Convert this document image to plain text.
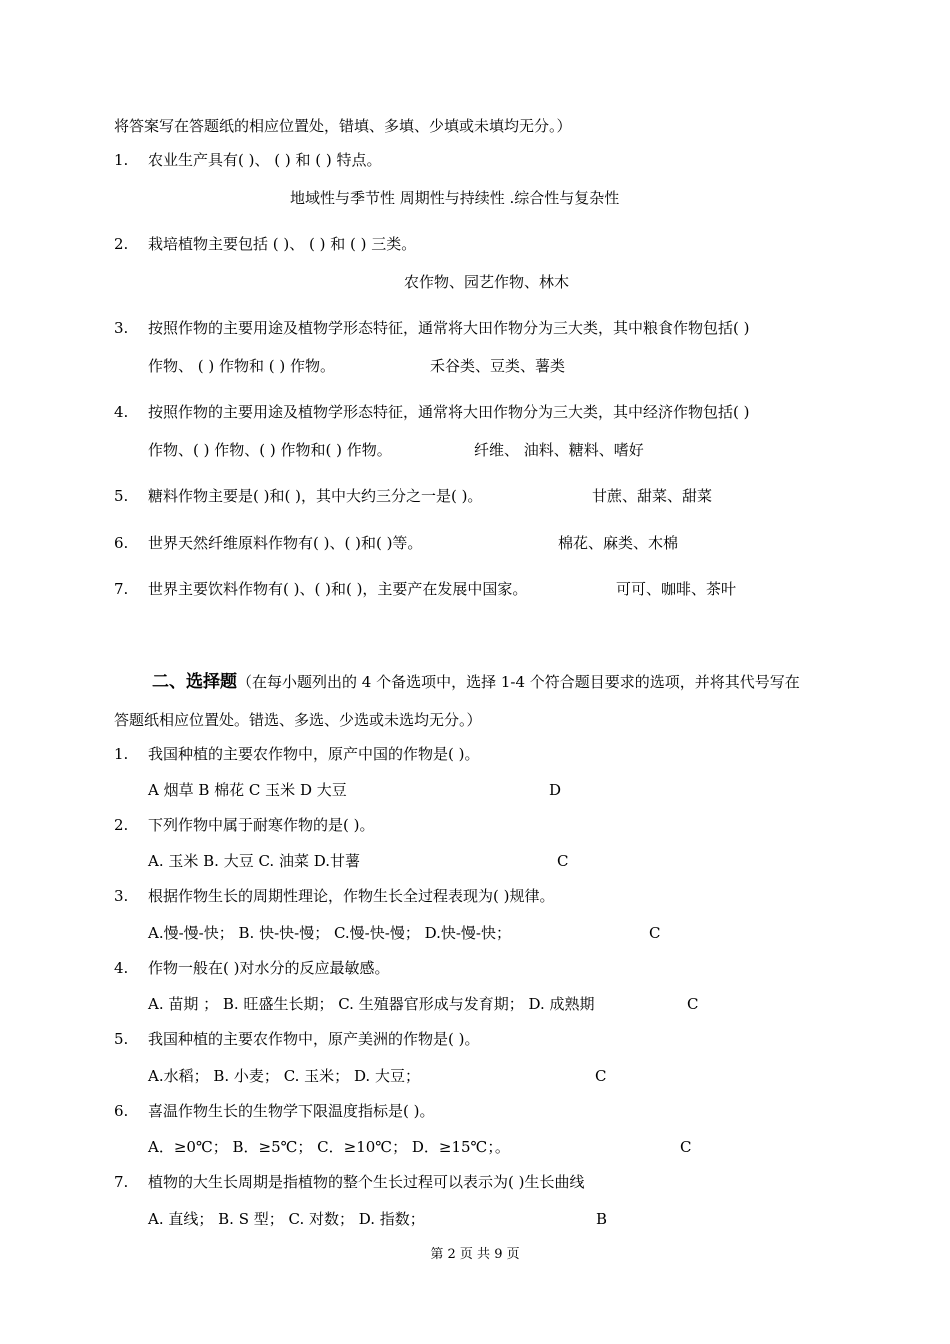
将答案写在答题纸的相应位置处，错填、多填、少填或未填均无分。）
1. 农业生产具有( )、 ( ) 和 ( ) 特点。
地域性与季节性 周期性与持续性 .综合性与复杂性
2. 栽培植物主要包括 ( )、 ( ) 和 ( ) 三类。
农作物、园艺作物、林木
3. 按照作物的主要用途及植物学形态特征，通常将大田作物分为三大类，其中粮食作物包括( )
作物、 ( ) 作物和 ( ) 作物。	禾谷类、豆类、薯类
4. 按照作物的主要用途及植物学形态特征，通常将大田作物分为三大类，其中经济作物包括( )
作物、( ) 作物、( ) 作物和( ) 作物。	纤维、 油料、糖料、嗜好
5. 糖料作物主要是( )和( )，其中大约三分之一是( )。	甘蔗、甜菜、甜菜
6. 世界天然纤维原料作物有( )、( )和( )等。	棉花、麻类、木棉
7. 世界主要饮料作物有( )、( )和( )，主要产在发展中国家。	可可、咖啡、茶叶
二、选择题（在每小题列出的 4 个备选项中，选择 1-4 个符合题目要求的选项，并将其代号写在
答题纸相应位置处。错选、多选、少选或未选均无分。）
1. 我国种植的主要农作物中，原产中国的作物是( )。
A 烟草 B 棉花 C 玉米 D 大豆	D
2. 下列作物中属于耐寒作物的是( )。
A. 玉米 B. 大豆 C. 油菜 D.甘薯	C
3. 根据作物生长的周期性理论，作物生长全过程表现为( )规律。
A.慢-慢-快； B. 快-快-慢； C.慢-快-慢； D.快-慢-快；	C
4. 作物一般在( )对水分的反应最敏感。
A. 苗期 ； B. 旺盛生长期； C. 生殖器官形成与发育期； D. 成熟期	C
5. 我国种植的主要农作物中，原产美洲的作物是( )。
A.水稻； B. 小麦； C. 玉米； D. 大豆；	C
6. 喜温作物生长的生物学下限温度指标是( )。
A．≥0℃； B．≥5℃； C．≥10℃； D．≥15℃；。	C
7. 植物的大生长周期是指植物的整个生长过程可以表示为( )生长曲线
A. 直线； B. S 型； C. 对数； D. 指数；	B
第 2 页 共 9 页
